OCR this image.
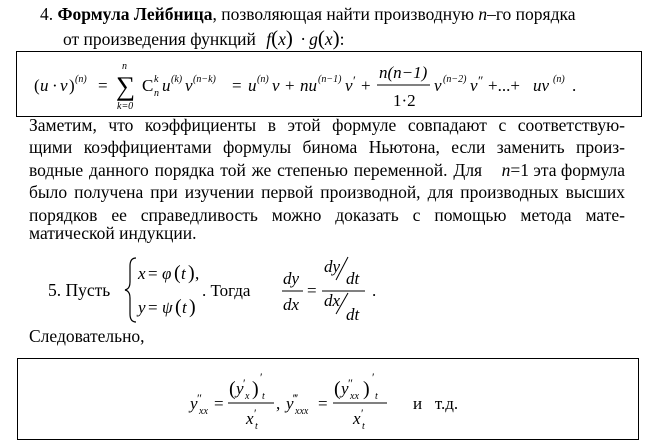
4. Формула Лейбница, позволяющая найти производную n–го порядка
от произведения функций f(x) · g(x):
( u · v ) (n) = ∑
n
k=0
C k
n u (k) v (n−k) = u (n) v + nu (n−1) v ′ +
n(n−1)
1·2
v (n−2) v ″ +...+ uv (n) .
Заметим, что коэффициенты в этой формуле совпадают с соответствую-
щими коэффициентами формулы бинома Ньютона, если заменить произ-
водные данного порядка той же степенью переменной. Для n=1 эта формула
было получена при изучении первой производной, для производных высших
порядков ее справедливость можно доказать с помощью метода мате-
матической индукции.
5. Пусть
x = φ ( t ) ,
y = ψ ( t )
. Тогда
dy
dx
=
dy
dt
dx
dt
.
Следовательно,
y ″
xx =
( y ′
x )
′
t
x ′
t
, y ‴
xxx =
( y ″
xx )
′
t
x ′
t
и   т.д.
